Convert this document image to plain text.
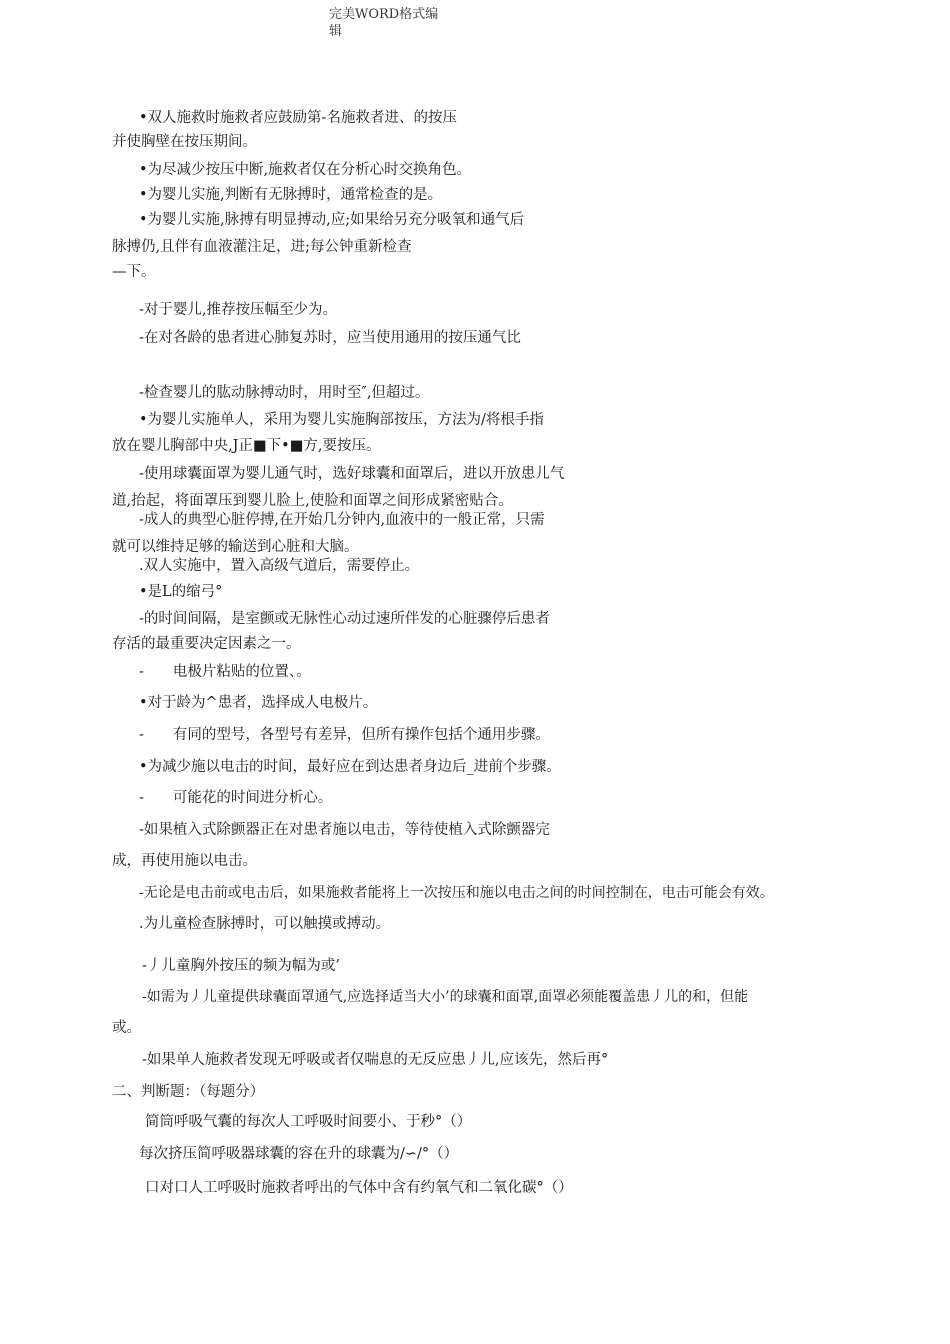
完美WORD格式编
辑
•双人施救时施救者应鼓励第-名施救者进、的按压
并使胸壁在按压期间。
•为尽减少按压中断,施救者仅在分析心时交换角色。
•为婴儿实施,判断有无脉搏时，通常检查的是。
•为婴儿实施,脉搏有明显搏动,应;如果给另充分吸氧和通气后
脉搏仍,且伴有血液灌注足，进;每公钟重新检查
—下。
-对于婴儿,推荐按压幅至少为。
-在对各龄的患者进心肺复苏时，应当使用通用的按压通气比
-检查婴儿的肱动脉搏动时，用时至″,但超过。
•为婴儿实施单人，采用为婴儿实施胸部按压，方法为/将根手指
放在婴儿胸部中央,J正■下•■方,要按压。
-使用球囊面罩为婴儿通气时，选好球囊和面罩后，进以开放患儿气
道,抬起，将面罩压到婴儿脸上,使脸和面罩之间形成紧密贴合。
-成人的典型心脏停搏,在开始几分钟内,血液中的一般正常，只需
就可以维持足够的输送到心脏和大脑。
.双人实施中，置入高级气道后，需要停止。
•是L的缩弓°
-的时间间隔，是室颤或无脉性心动过速所伴发的心脏骤停后患者
存活的最重要决定因素之一。
-　　电极片粘贴的位置、。
•对于龄为^患者，选择成人电极片。
-　　有同的型号，各型号有差异，但所有操作包括个通用步骤。
•为减少施以电击的时间，最好应在到达患者身边后_进前个步骤。
-　　可能花的时间进分析心。
-如果植入式除颤器正在对患者施以电击，等待使植入式除颤器完
成，再使用施以电击。
-无论是电击前或电击后，如果施救者能将上一次按压和施以电击之间的时间控制在，电击可能会有效。
.为儿童检查脉搏时，可以触摸或搏动。
-丿儿童胸外按压的频为幅为或’
-如需为丿儿童提供球囊面罩通气,应选择适当大小’的球囊和面罩,面罩必须能覆盖患丿儿的和，但能
或。
-如果单人施救者发现无呼吸或者仅喘息的无反应患丿儿,应该先，然后再°
二、判断题：（每题分）
简筒呼吸气囊的每次人工呼吸时间要小、于秒°（）
每次挤压简呼吸器球囊的容在升的球囊为/∽/°（）
口对口人工呼吸时施救者呼出的气体中含有约氧气和二氧化碳°（）
